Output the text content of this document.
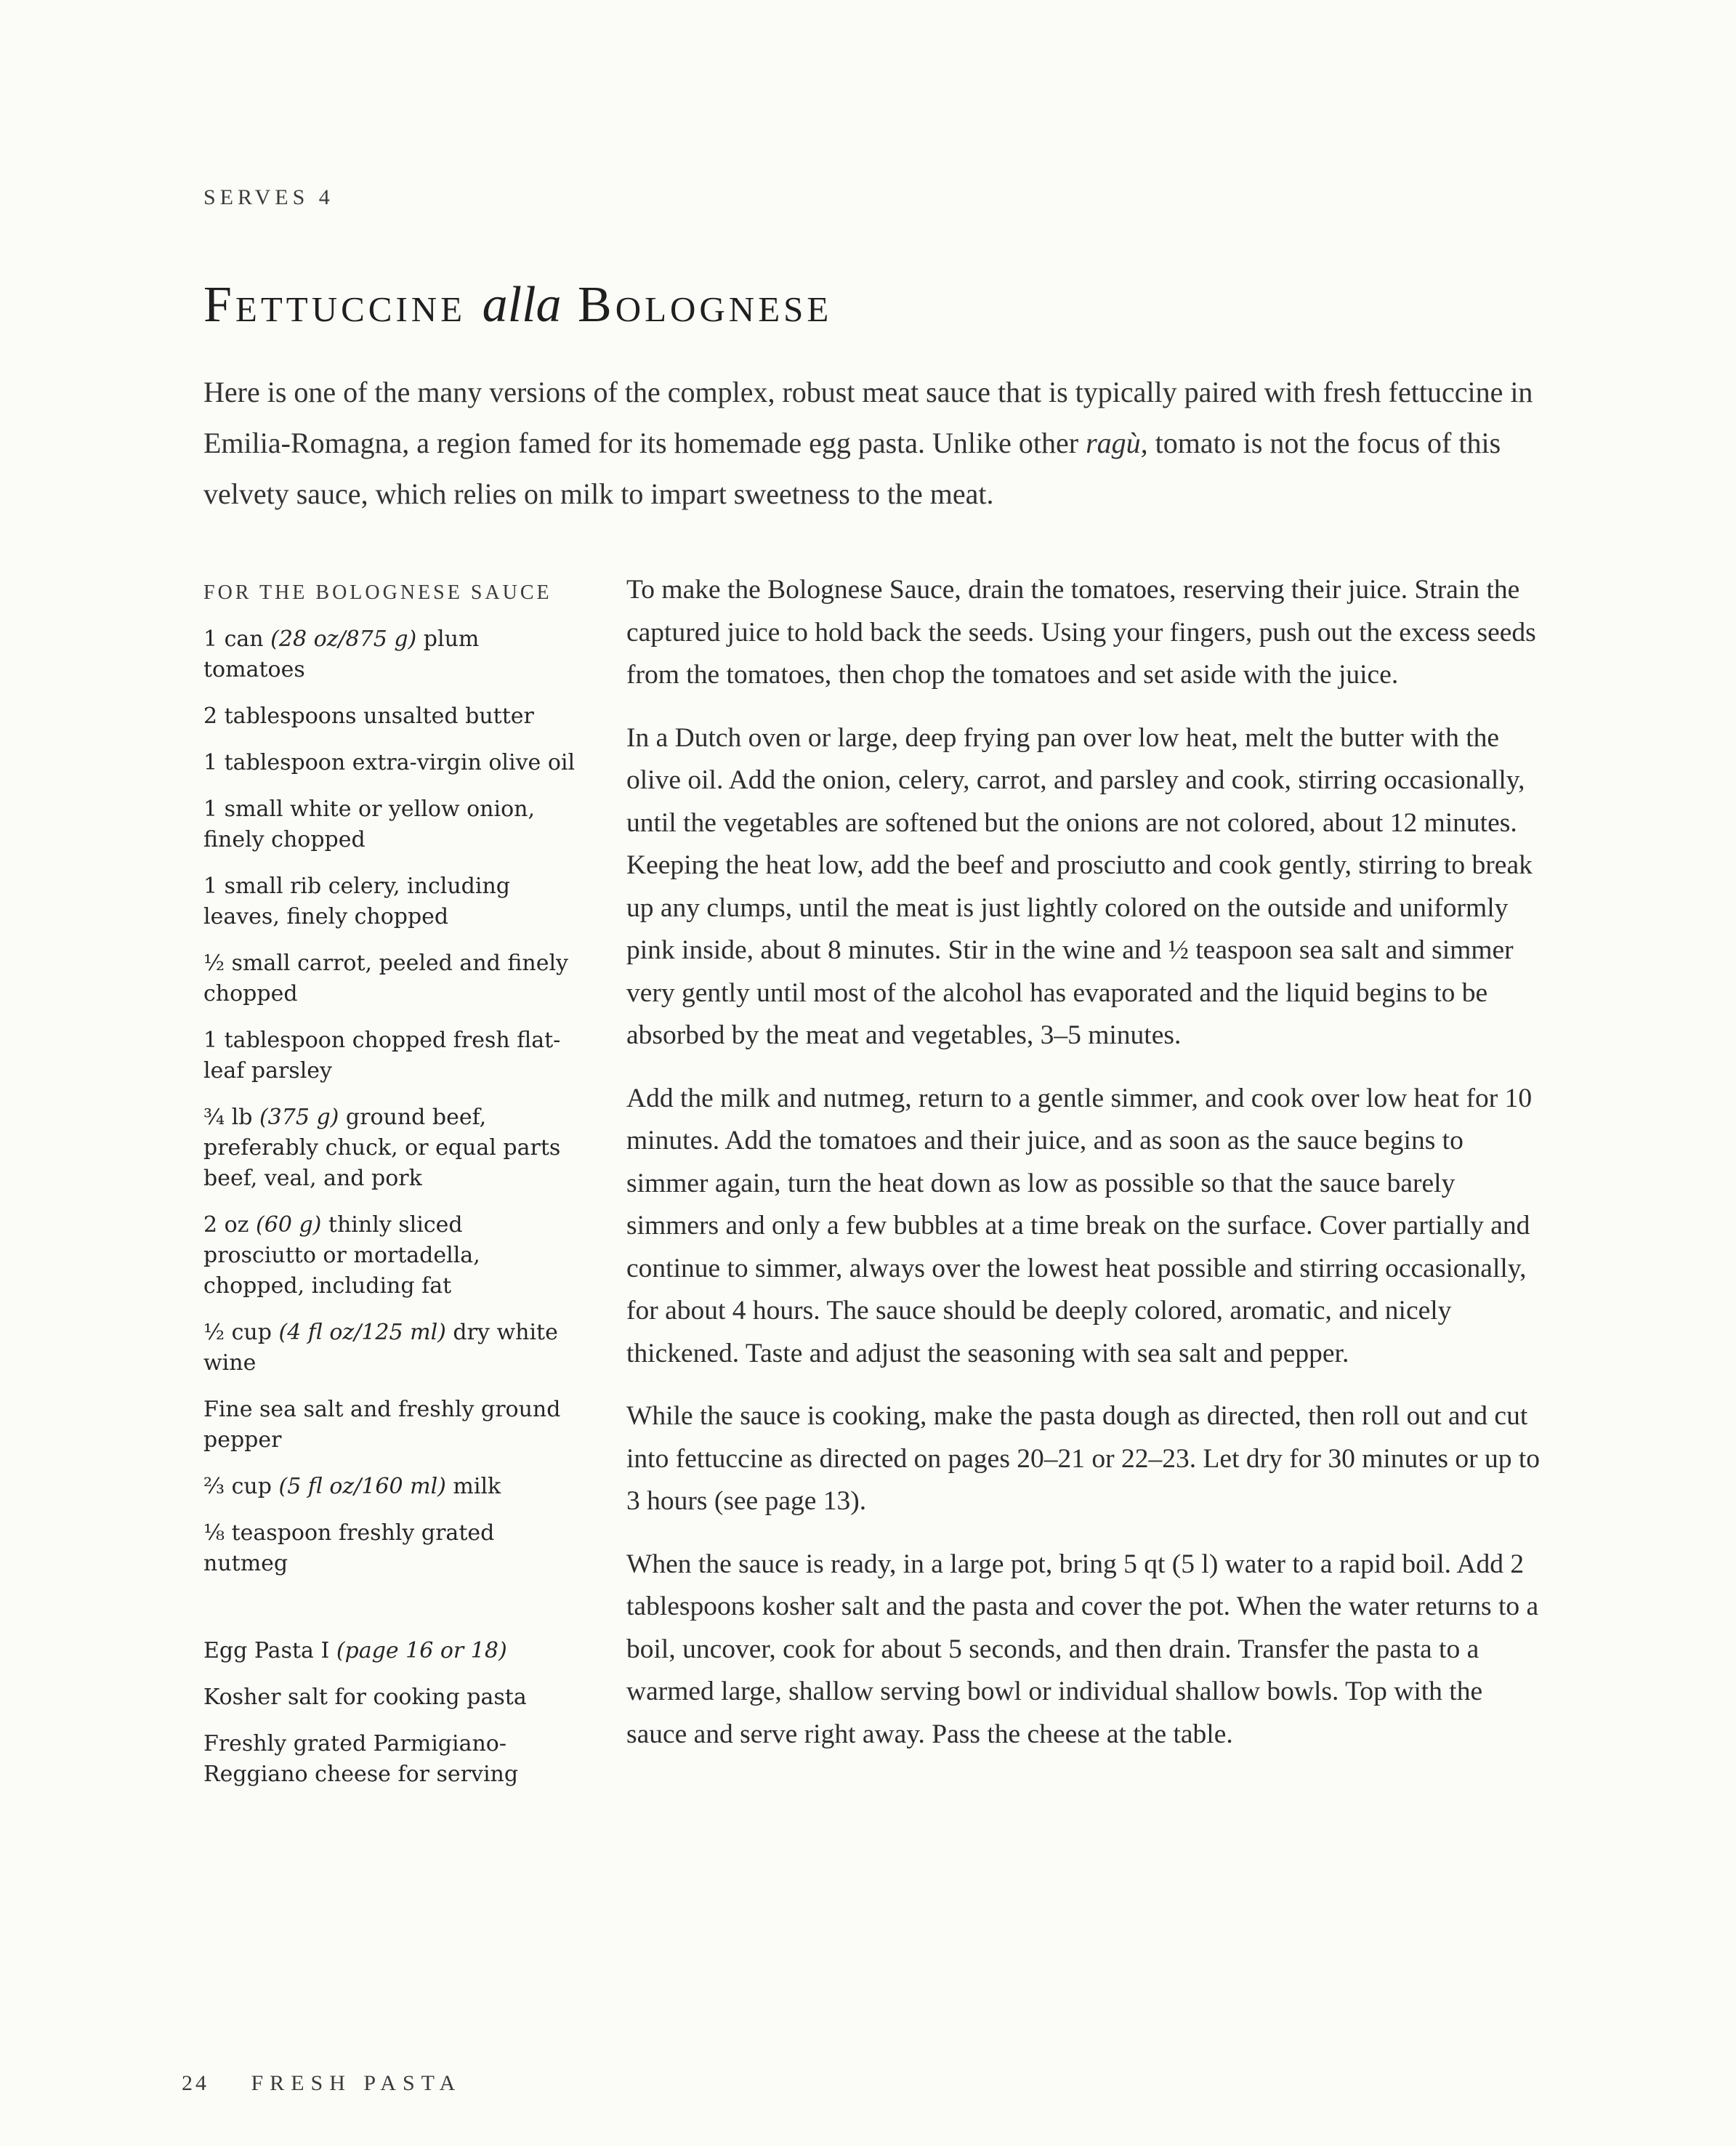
SERVES 4
Fettuccine alla Bolognese

Here is one of the many versions of the complex, robust meat sauce that is typically paired with fresh fettuccine in Emilia-Romagna, a region famed for its homemade egg pasta. Unlike other ragù, tomato is not the focus of this velvety sauce, which relies on milk to impart sweetness to the meat.

FOR THE BOLOGNESE SAUCE
1 can (28 oz/875 g) plum tomatoes
2 tablespoons unsalted butter
1 tablespoon extra-virgin olive oil
1 small white or yellow onion, finely chopped
1 small rib celery, including leaves, finely chopped
½ small carrot, peeled and finely chopped
1 tablespoon chopped fresh flat-leaf parsley
¾ lb (375 g) ground beef, preferably chuck, or equal parts beef, veal, and pork
2 oz (60 g) thinly sliced prosciutto or mortadella, chopped, including fat
½ cup (4 fl oz/125 ml) dry white wine
Fine sea salt and freshly ground pepper
⅔ cup (5 fl oz/160 ml) milk
⅛ teaspoon freshly grated nutmeg
Egg Pasta I (page 16 or 18)
Kosher salt for cooking pasta
Freshly grated Parmigiano-Reggiano cheese for serving

To make the Bolognese Sauce, drain the tomatoes, reserving their juice. Strain the captured juice to hold back the seeds. Using your fingers, push out the excess seeds from the tomatoes, then chop the tomatoes and set aside with the juice.

In a Dutch oven or large, deep frying pan over low heat, melt the butter with the olive oil. Add the onion, celery, carrot, and parsley and cook, stirring occasionally, until the vegetables are softened but the onions are not colored, about 12 minutes. Keeping the heat low, add the beef and prosciutto and cook gently, stirring to break up any clumps, until the meat is just lightly colored on the outside and uniformly pink inside, about 8 minutes. Stir in the wine and ½ teaspoon sea salt and simmer very gently until most of the alcohol has evaporated and the liquid begins to be absorbed by the meat and vegetables, 3–5 minutes.

Add the milk and nutmeg, return to a gentle simmer, and cook over low heat for 10 minutes. Add the tomatoes and their juice, and as soon as the sauce begins to simmer again, turn the heat down as low as possible so that the sauce barely simmers and only a few bubbles at a time break on the surface. Cover partially and continue to simmer, always over the lowest heat possible and stirring occasionally, for about 4 hours. The sauce should be deeply colored, aromatic, and nicely thickened. Taste and adjust the seasoning with sea salt and pepper.

While the sauce is cooking, make the pasta dough as directed, then roll out and cut into fettuccine as directed on pages 20–21 or 22–23. Let dry for 30 minutes or up to 3 hours (see page 13).

When the sauce is ready, in a large pot, bring 5 qt (5 l) water to a rapid boil. Add 2 tablespoons kosher salt and the pasta and cover the pot. When the water returns to a boil, uncover, cook for about 5 seconds, and then drain. Transfer the pasta to a warmed large, shallow serving bowl or individual shallow bowls. Top with the sauce and serve right away. Pass the cheese at the table.

24 FRESH PASTA
